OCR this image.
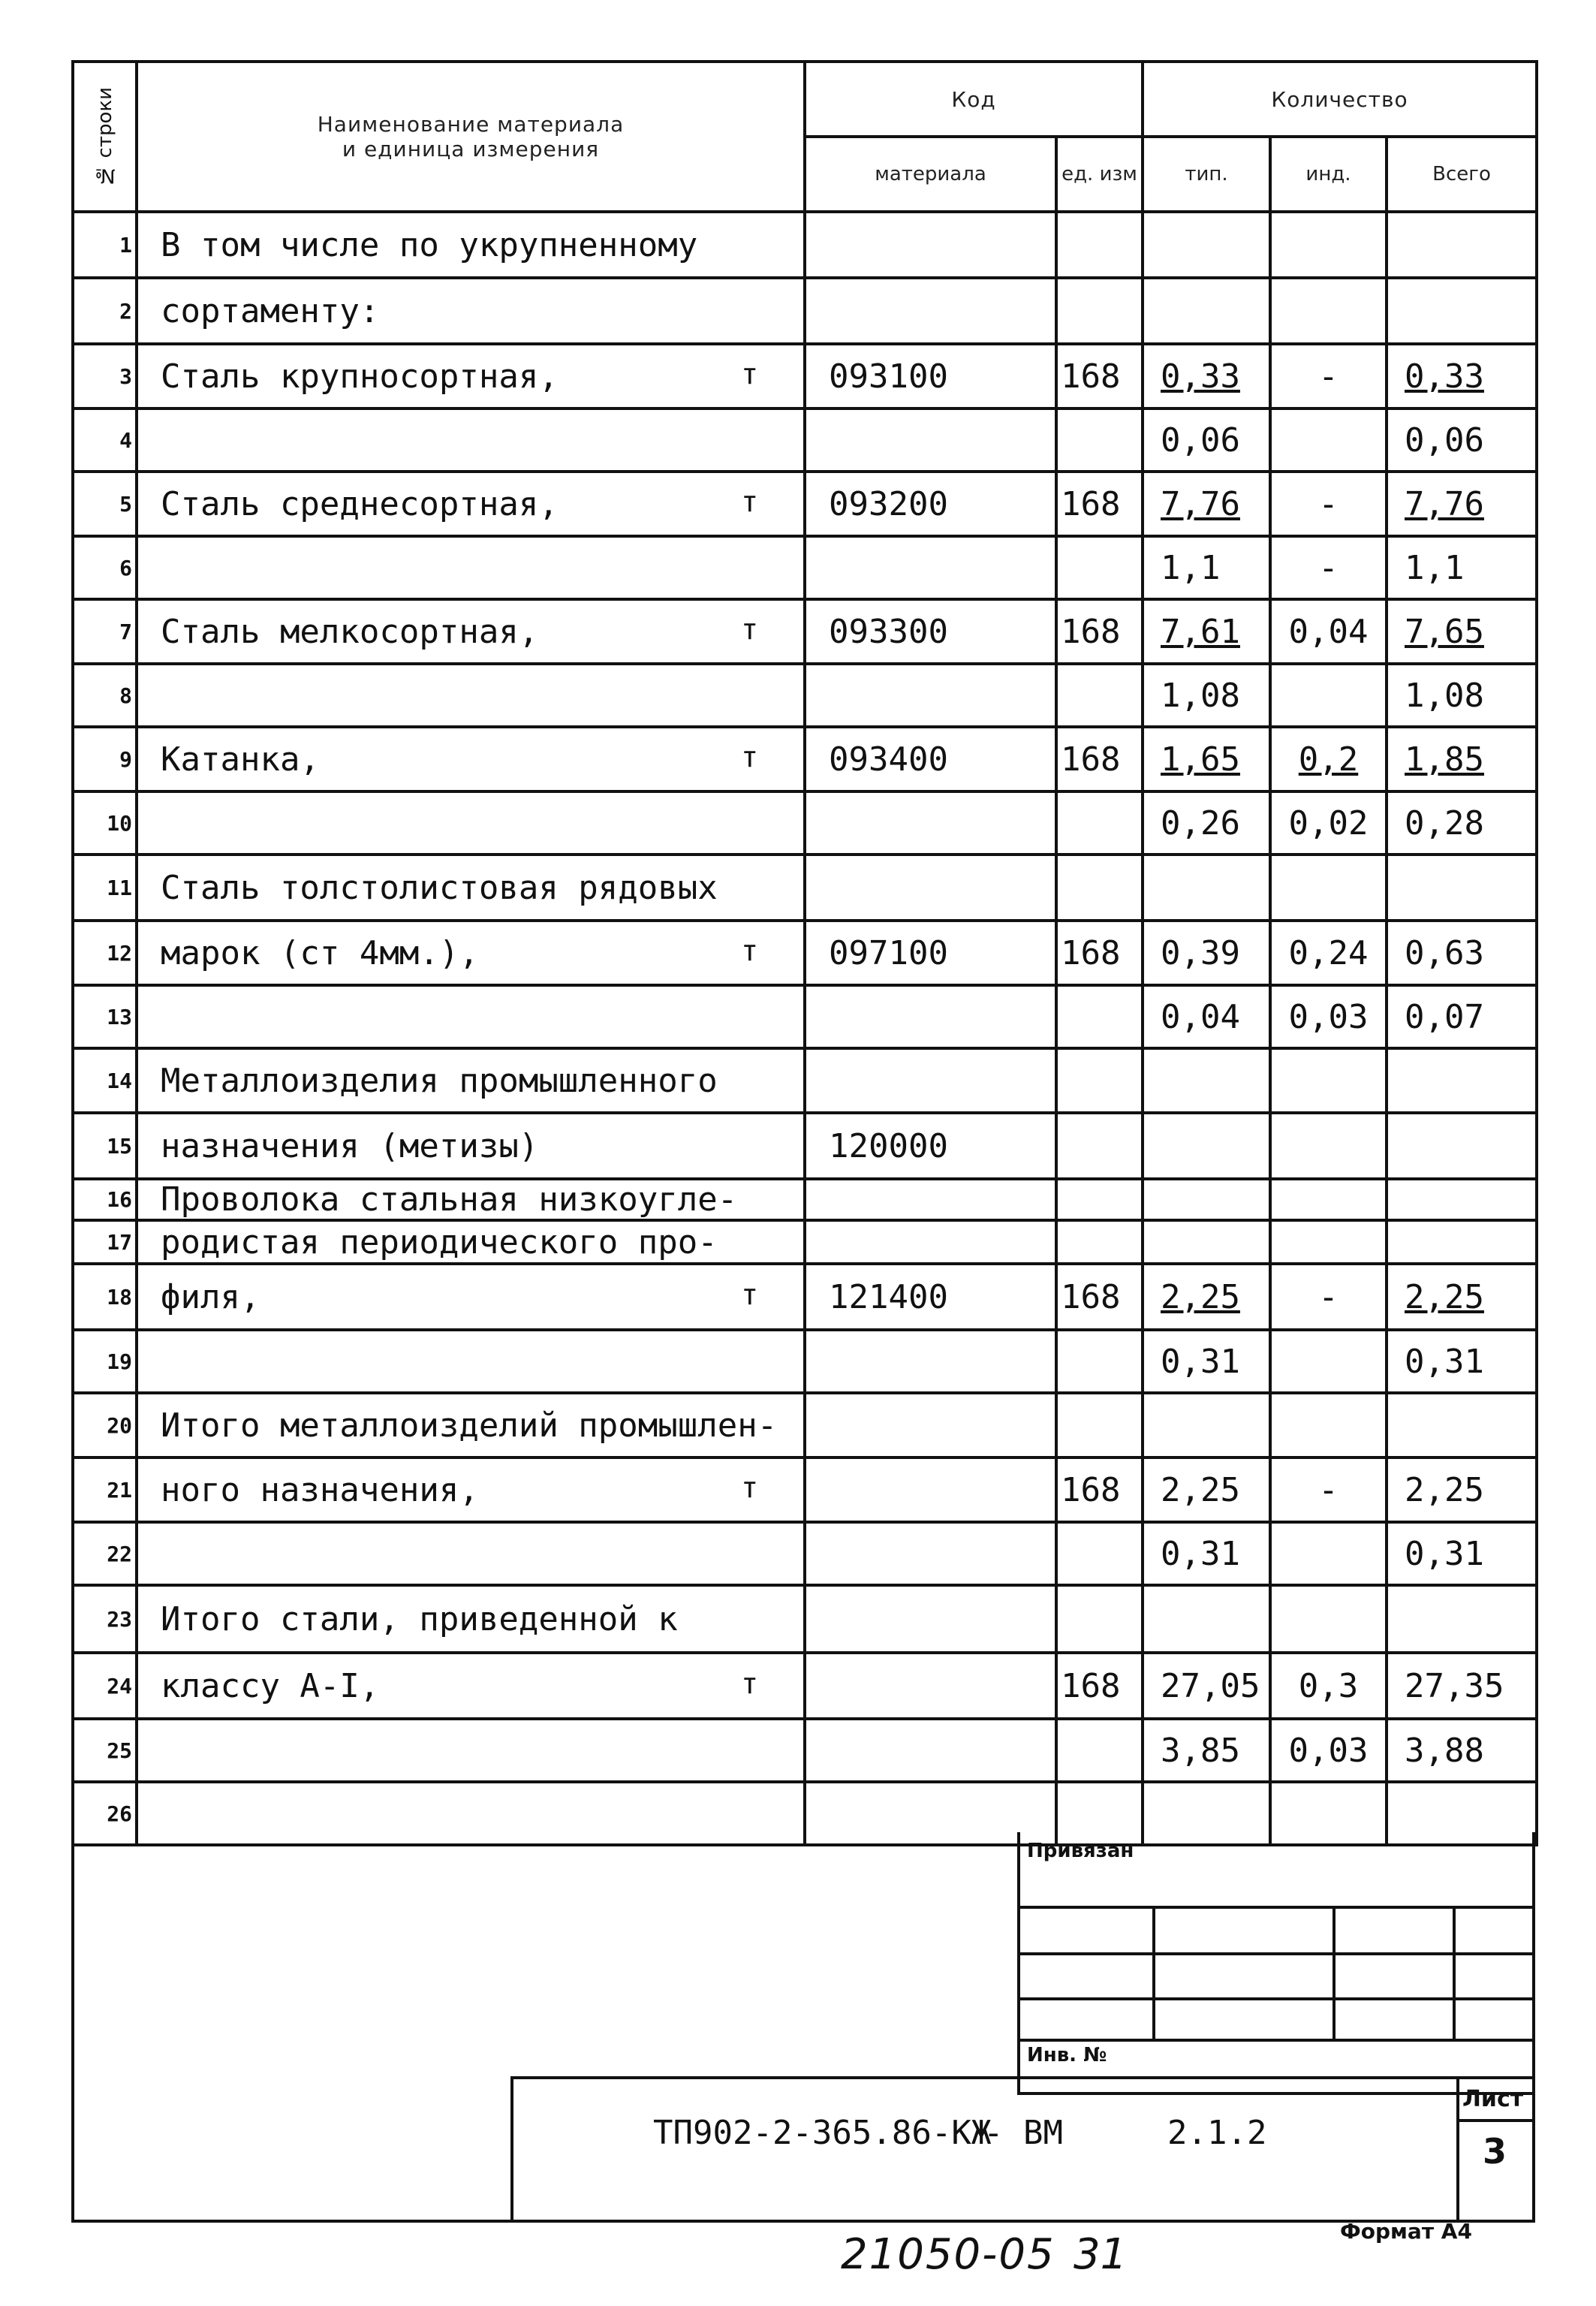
№ строки	Наименование материала
и единица измерения	Код		Количество		
		материала	ед. изм	тип.	инд.	Всего
1	В том числе по укрупненному

2	сортаменту:

3	Сталь крупносортная, т	093100	168	0,33	-	0,33
4				0,06		0,06
5	Сталь среднесортная, т	093200	168	7,76	-	7,76
6				1,1	-	1,1
7	Сталь мелкосортная, т	093300	168	7,61	0,04	7,65
8				1,08		1,08
9	Катанка, т	093400	168	1,65	0,2	1,85
10				0,26	0,02	0,28
11	Сталь толстолистовая рядовых

12	марок (ст 4мм.), т	097100	168	0,39	0,24	0,63
13				0,04	0,03	0,07
14	Металлоизделия промышленного

15	назначения (метизы)	120000				
16	Проволока стальная низкоугле-

17	родистая периодического про-

18	филя, т	121400	168	2,25	-	2,25
19				0,31		0,31
20	Итого металлоизделий промышлен-

21	ного назначения, т		168	2,25	-	2,25
22				0,31		0,31
23	Итого стали, приведенной к

24	классу А-I, т		168	27,05	0,3	27,35
25				3,85	0,03	3,88
26	

Привязан
Инв. №
ТП902-2-365.86-КЖ
- ВМ	2.1.2
Лист
3
21050-05 31	Формат А4
